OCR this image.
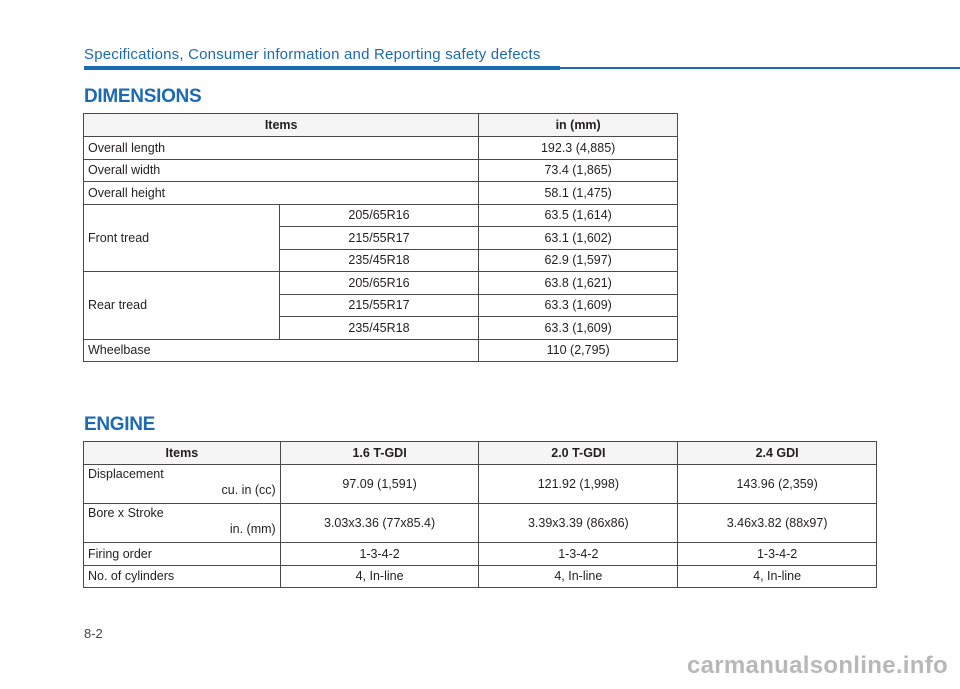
Specifications, Consumer information and Reporting safety defects
DIMENSIONS
Items		in (mm)
Overall length		192.3 (4,885)
Overall width		73.4 (1,865)
Overall height		58.1 (1,475)
Front tread	205/65R16	63.5 (1,614)
	215/55R17	63.1 (1,602)
	235/45R18	62.9 (1,597)
Rear tread	205/65R16	63.8 (1,621)
	215/55R17	63.3 (1,609)
	235/45R18	63.3 (1,609)
Wheelbase		110 (2,795)
ENGINE
Items	1.6 T-GDI	2.0 T-GDI	2.4 GDI
Displacement
cu. in (cc)	97.09 (1,591)	121.92 (1,998)	143.96 (2,359)
Bore x Stroke
in. (mm)	3.03x3.36 (77x85.4)	3.39x3.39 (86x86)	3.46x3.82 (88x97)
Firing order	1-3-4-2	1-3-4-2	1-3-4-2
No. of cylinders	4, In-line	4, In-line	4, In-line
8-2
carmanualsonline.info
